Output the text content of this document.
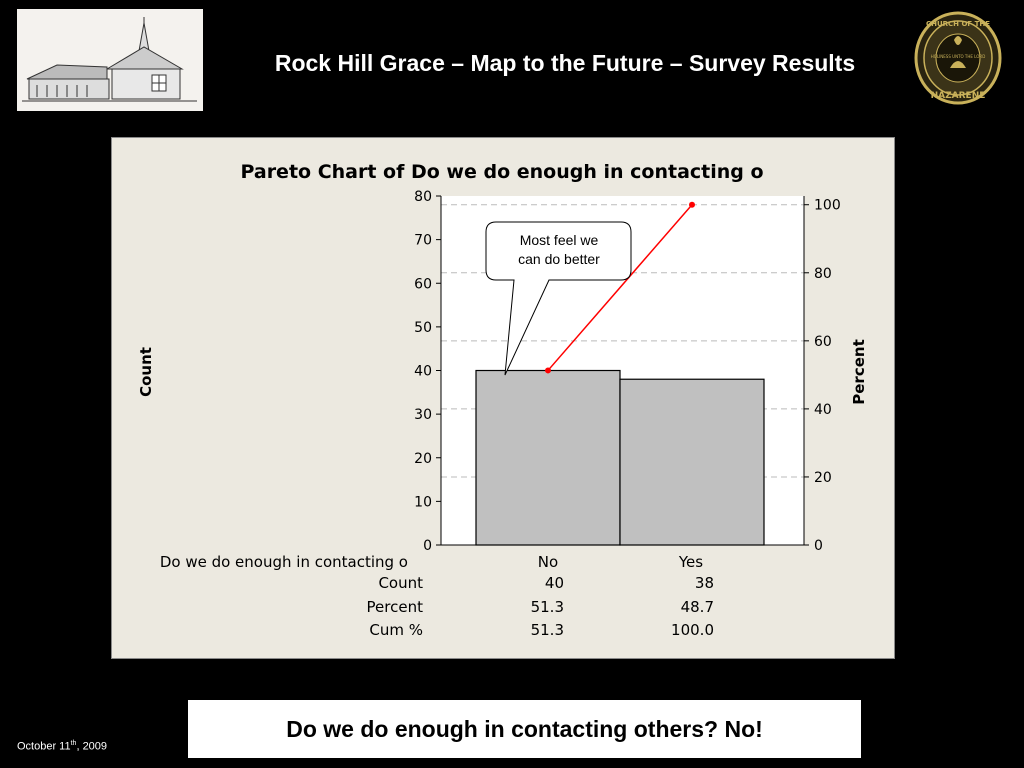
Rock Hill Grace – Map to the Future – Survey Results
CHURCH OF THE
NAZARENE
HOLINESS UNTO THE LORD
0
10
20
30
40
50
60
70
80
0
20
40
60
80
100
Pareto Chart of Do we do enough in contacting o
Count	Percent
Most feel we
can do better
Do we do enough in contacting o	No	Yes
Count	40	38
Percent	51.3	48.7
Cum %	51.3	100.0
Do we do enough in contacting others? No!
October 11th, 2009
